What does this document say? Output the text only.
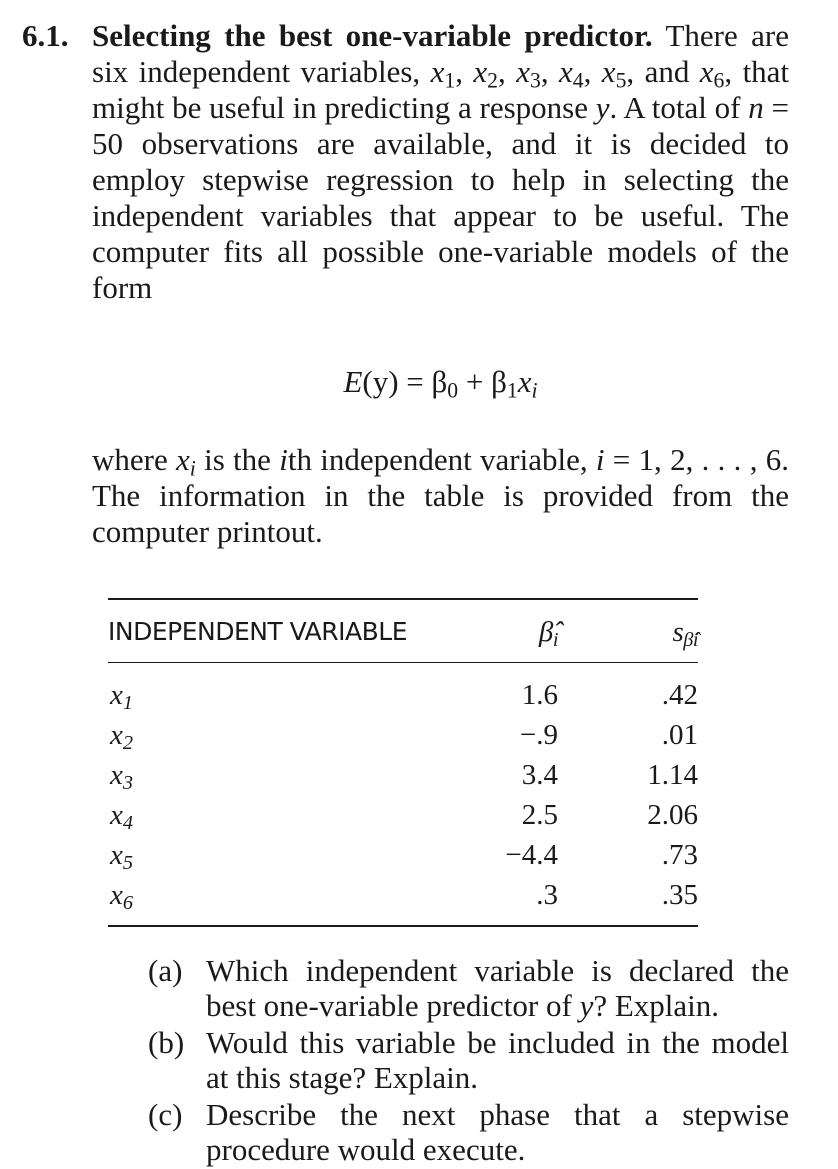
6.1. Selecting the best one-variable predictor. There are six independent variables, $x_1$, $x_2$, $x_3$, $x_4$, $x_5$, and $x_6$, that might be useful in predicting a response y. A total of n = 50 observations are available, and it is decided to employ stepwise regression to help in selecting the independent variables that appear to be useful. The computer fits all possible one-variable models of the form
$E(y) = \beta_0 + \beta_1x_i$
where $x_i$ is the ith independent variable, i = 1, 2, . . . , 6. The information in the table is provided from the computer printout.
INDEPENDENT VARIABLE	$\betâ_i$	$s_{\betâi}$
$x_1$	1.6	.42
$x_2$	−.9	.01
$x_3$	3.4	1.14
$x_4$	2.5	2.06
$x_5$	−4.4	.73
$x_6$	.3	.35
(a) Which independent variable is declared the best one-variable predictor of y? Explain.
(b) Would this variable be included in the model at this stage? Explain.
(c) Describe the next phase that a stepwise procedure would execute.
